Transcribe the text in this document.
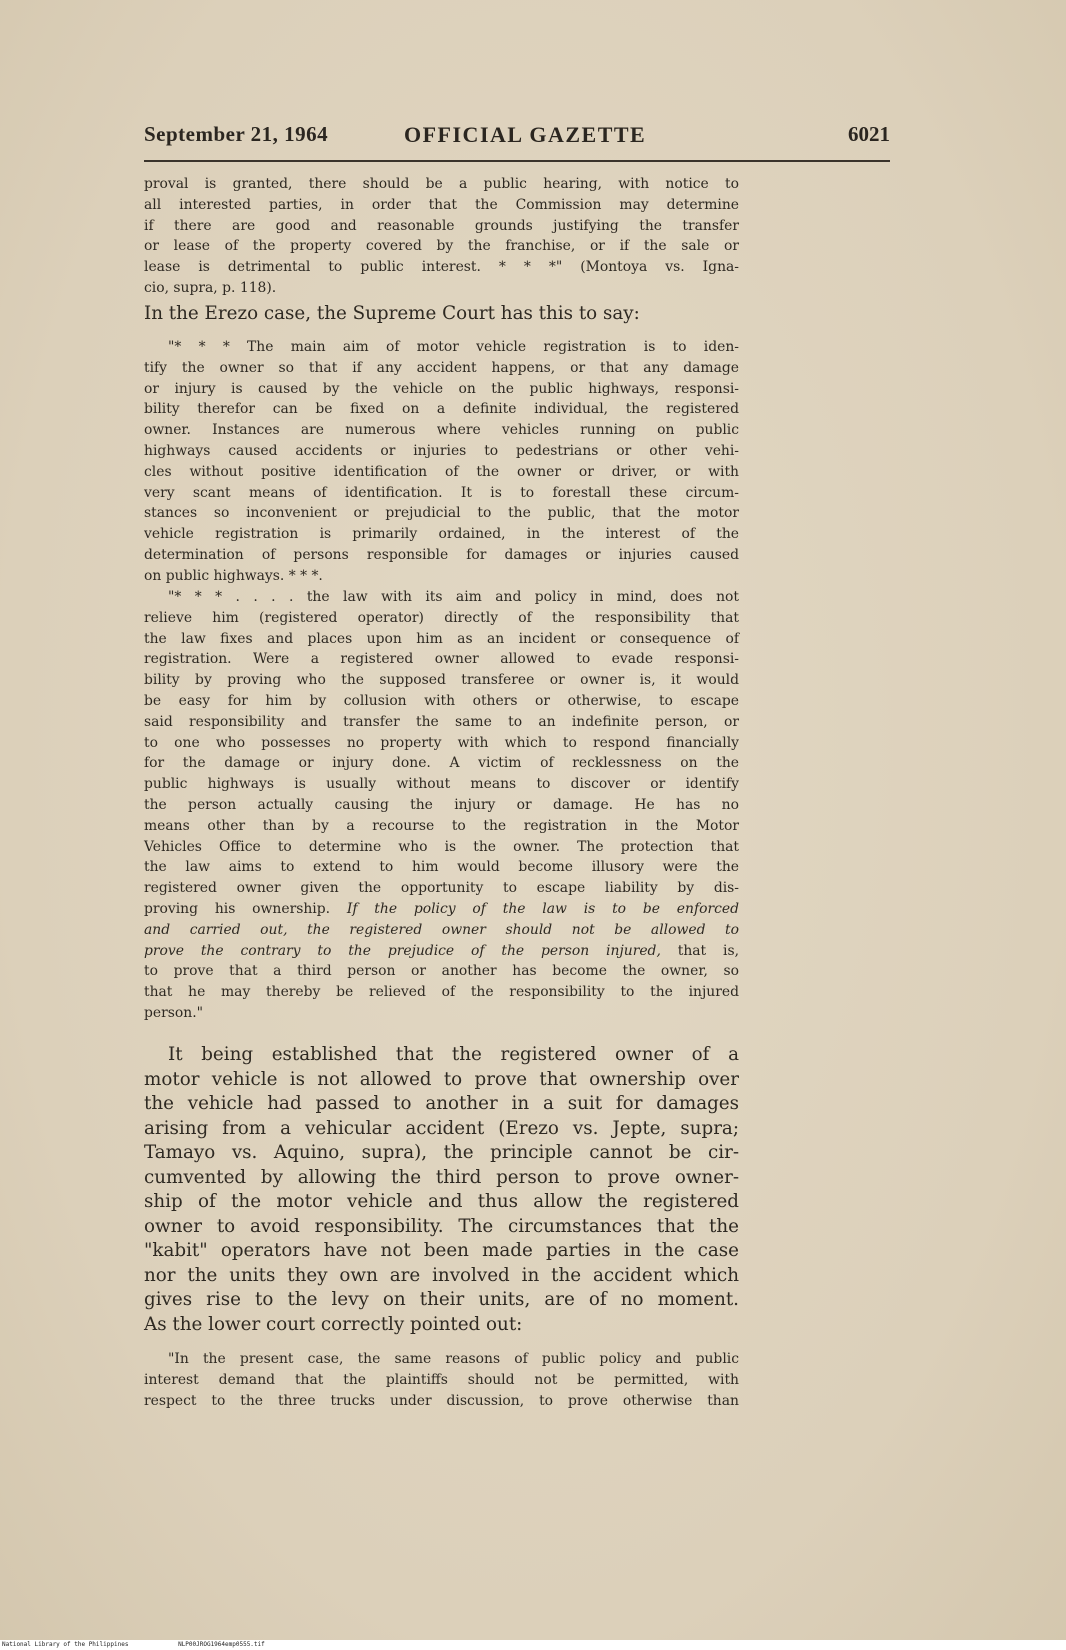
September 21, 1964	OFFICIAL GAZETTE	6021

proval is granted, there should be a public hearing, with notice to
all interested parties, in order that the Commission may determine
if there are good and reasonable grounds justifying the transfer
or lease of the property covered by the franchise, or if the sale or
lease is detrimental to public interest. * * *" (Montoya vs. Igna-
cio, supra, p. 118).

In the Erezo case, the Supreme Court has this to say:

"* * * The main aim of motor vehicle registration is to iden-
tify the owner so that if any accident happens, or that any damage
or injury is caused by the vehicle on the public highways, responsi-
bility therefor can be fixed on a definite individual, the registered
owner. Instances are numerous where vehicles running on public
highways caused accidents or injuries to pedestrians or other vehi-
cles without positive identification of the owner or driver, or with
very scant means of identification. It is to forestall these circum-
stances so inconvenient or prejudicial to the public, that the motor
vehicle registration is primarily ordained, in the interest of the
determination of persons responsible for damages or injuries caused
on public highways. * * *.

"* * * . . . . the law with its aim and policy in mind, does not
relieve him (registered operator) directly of the responsibility that
the law fixes and places upon him as an incident or consequence of
registration. Were a registered owner allowed to evade responsi-
bility by proving who the supposed transferee or owner is, it would
be easy for him by collusion with others or otherwise, to escape
said responsibility and transfer the same to an indefinite person, or
to one who possesses no property with which to respond financially
for the damage or injury done. A victim of recklessness on the
public highways is usually without means to discover or identify
the person actually causing the injury or damage. He has no
means other than by a recourse to the registration in the Motor
Vehicles Office to determine who is the owner. The protection that
the law aims to extend to him would become illusory were the
registered owner given the opportunity to escape liability by dis-
proving his ownership. If the policy of the law is to be enforced
and carried out, the registered owner should not be allowed to
prove the contrary to the prejudice of the person injured, that is,
to prove that a third person or another has become the owner, so
that he may thereby be relieved of the responsibility to the injured
person."

It being established that the registered owner of a
motor vehicle is not allowed to prove that ownership over
the vehicle had passed to another in a suit for damages
arising from a vehicular accident (Erezo vs. Jepte, supra;
Tamayo vs. Aquino, supra), the principle cannot be cir-
cumvented by allowing the third person to prove owner-
ship of the motor vehicle and thus allow the registered
owner to avoid responsibility. The circumstances that the
"kabit" operators have not been made parties in the case
nor the units they own are involved in the accident which
gives rise to the levy on their units, are of no moment.
As the lower court correctly pointed out:

"In the present case, the same reasons of public policy and public
interest demand that the plaintiffs should not be permitted, with
respect to the three trucks under discussion, to prove otherwise than

National Library of the Philippines	NLP00JROG1964emp0555.tif
